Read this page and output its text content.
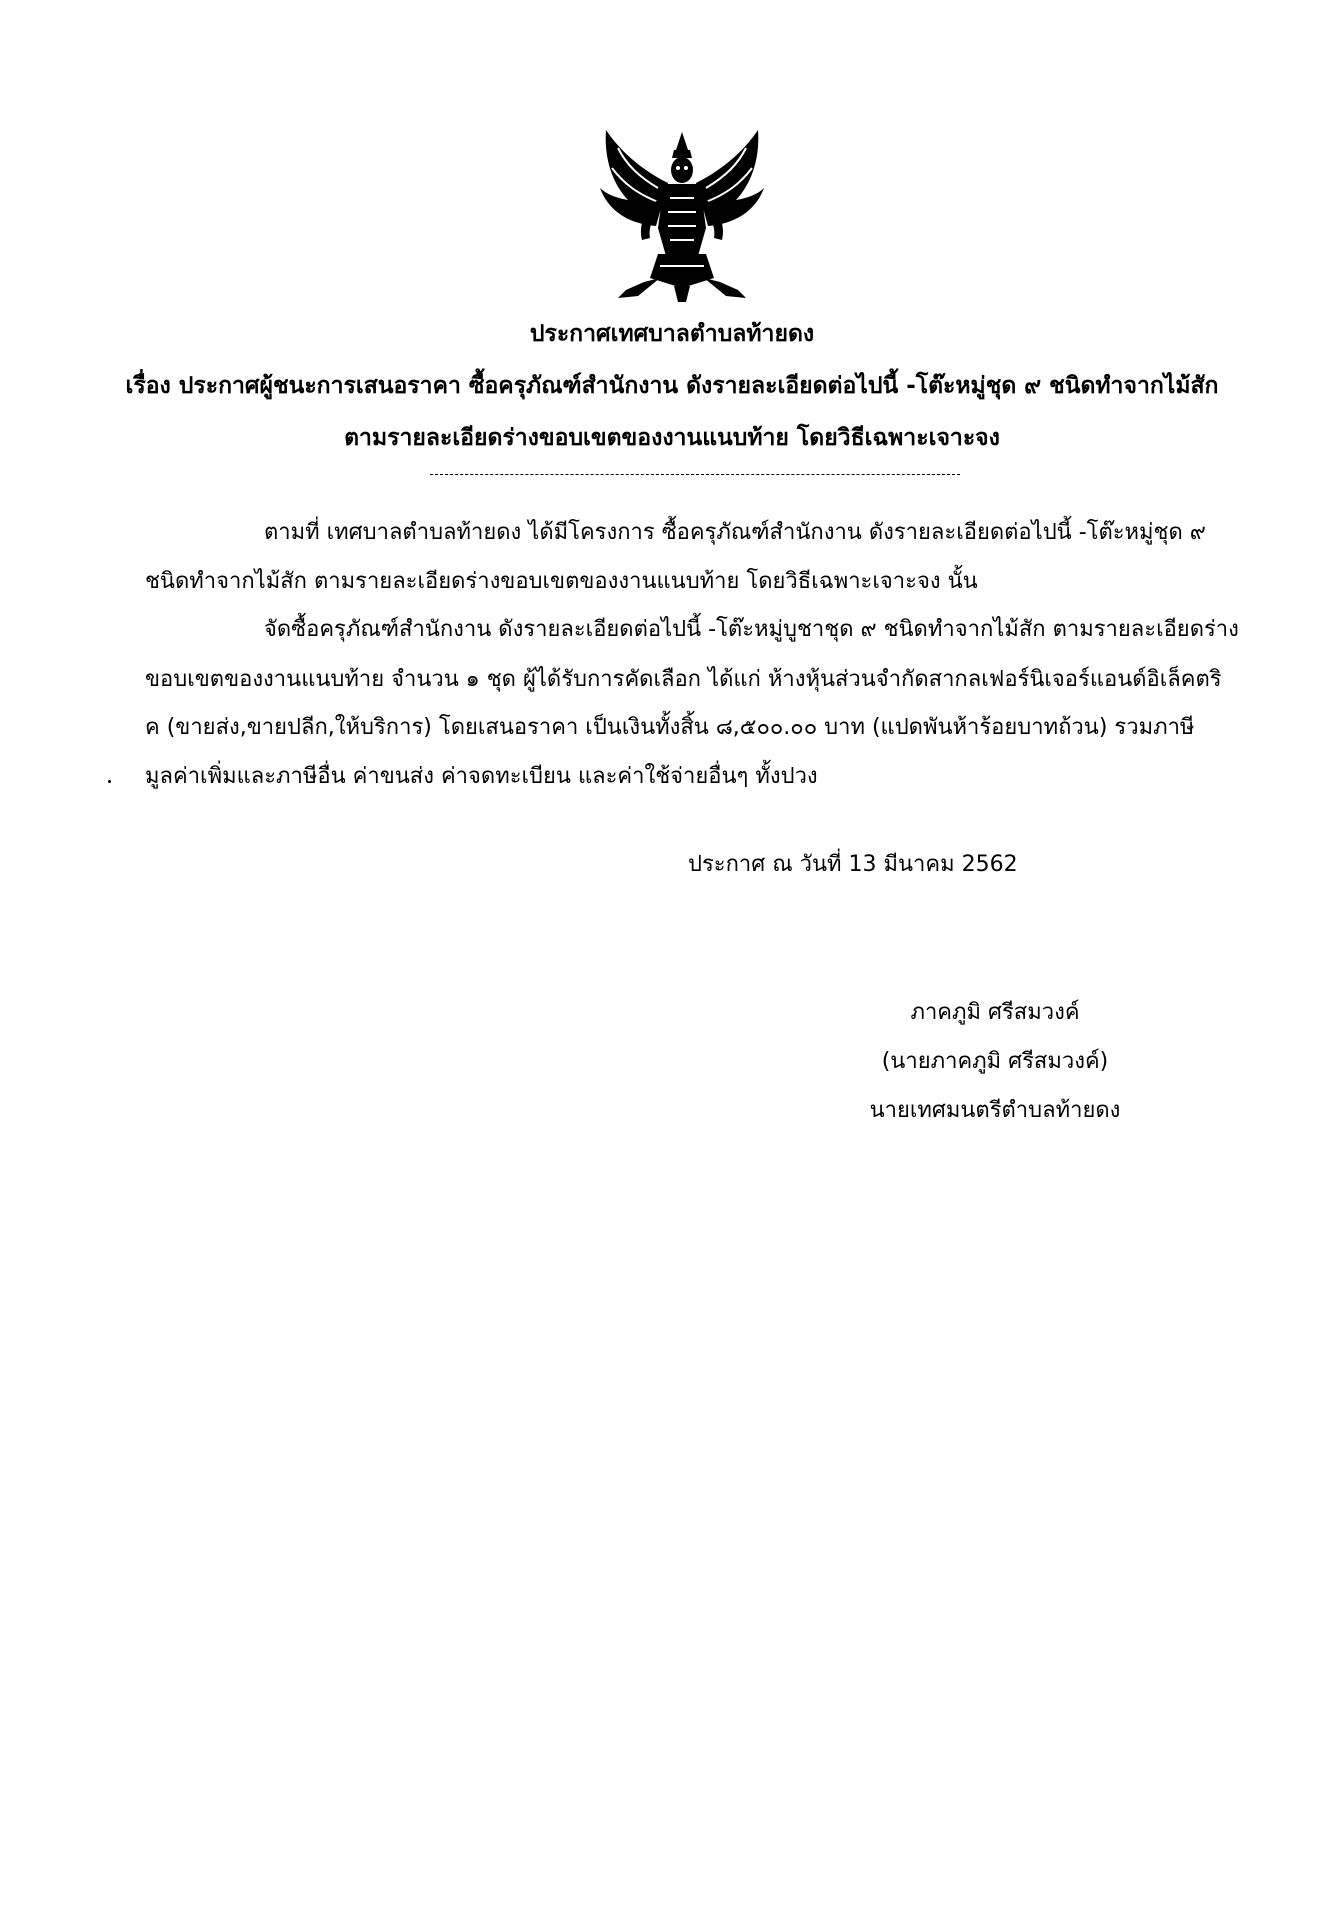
ประกาศเทศบาลตำบลท้ายดง
เรื่อง ประกาศผู้ชนะการเสนอราคา ซื้อครุภัณฑ์สำนักงาน ดังรายละเอียดต่อไปนี้ -โต๊ะหมู่ชุด ๙ ชนิดทำจากไม้สัก
ตามรายละเอียดร่างขอบเขตของงานแนบท้าย โดยวิธีเฉพาะเจาะจง
ตามที่ เทศบาลตำบลท้ายดง ได้มีโครงการ ซื้อครุภัณฑ์สำนักงาน ดังรายละเอียดต่อไปนี้ -โต๊ะหมู่ชุด ๙
ชนิดทำจากไม้สัก ตามรายละเอียดร่างขอบเขตของงานแนบท้าย โดยวิธีเฉพาะเจาะจง นั้น
จัดซื้อครุภัณฑ์สำนักงาน ดังรายละเอียดต่อไปนี้ -โต๊ะหมู่บูชาชุด ๙ ชนิดทำจากไม้สัก ตามรายละเอียดร่าง
ขอบเขตของงานแนบท้าย จำนวน ๑ ชุด ผู้ได้รับการคัดเลือก ได้แก่ ห้างหุ้นส่วนจำกัดสากลเฟอร์นิเจอร์แอนด์อิเล็คตริ
ค (ขายส่ง,ขายปลีก,ให้บริการ) โดยเสนอราคา เป็นเงินทั้งสิ้น ๘,๕๐๐.๐๐ บาท (แปดพันห้าร้อยบาทถ้วน) รวมภาษี
มูลค่าเพิ่มและภาษีอื่น ค่าขนส่ง ค่าจดทะเบียน และค่าใช้จ่ายอื่นๆ ทั้งปวง
ประกาศ ณ วันที่ 13 มีนาคม 2562
ภาคภูมิ ศรีสมวงค์
(นายภาคภูมิ ศรีสมวงค์)
นายเทศมนตรีตำบลท้ายดง
